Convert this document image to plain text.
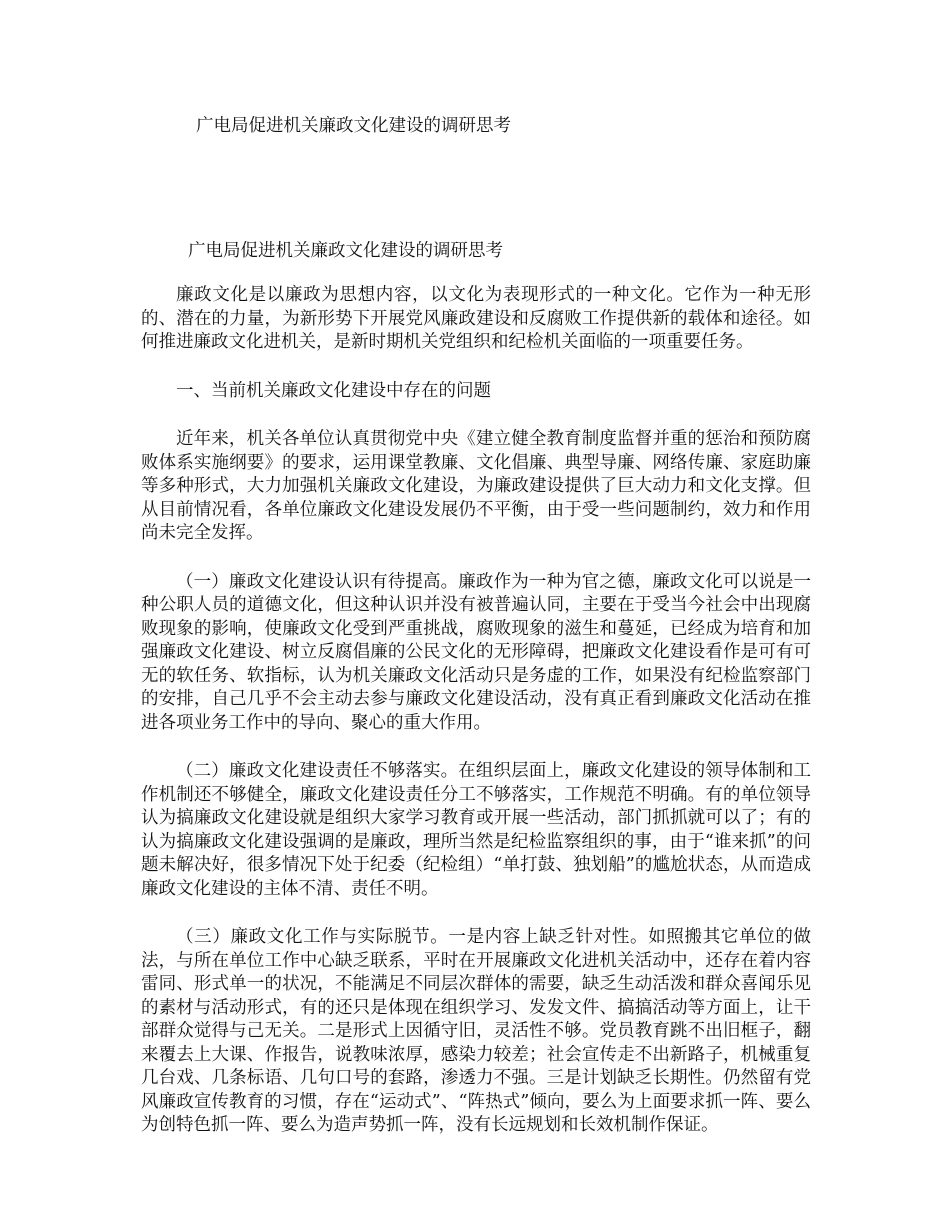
广电局促进机关廉政文化建设的调研思考
广电局促进机关廉政文化建设的调研思考

廉政文化是以廉政为思想内容，以文化为表现形式的一种文化。它作为一种无形的、潜在的力量，为新形势下开展党风廉政建设和反腐败工作提供新的载体和途径。如何推进廉政文化进机关，是新时期机关党组织和纪检机关面临的一项重要任务。

一、当前机关廉政文化建设中存在的问题

近年来，机关各单位认真贯彻党中央《建立健全教育制度监督并重的惩治和预防腐败体系实施纲要》的要求，运用课堂教廉、文化倡廉、典型导廉、网络传廉、家庭助廉等多种形式，大力加强机关廉政文化建设，为廉政建设提供了巨大动力和文化支撑。但从目前情况看，各单位廉政文化建设发展仍不平衡，由于受一些问题制约，效力和作用尚未完全发挥。

（一）廉政文化建设认识有待提高。廉政作为一种为官之德，廉政文化可以说是一种公职人员的道德文化，但这种认识并没有被普遍认同，主要在于受当今社会中出现腐败现象的影响，使廉政文化受到严重挑战，腐败现象的滋生和蔓延，已经成为培育和加强廉政文化建设、树立反腐倡廉的公民文化的无形障碍，把廉政文化建设看作是可有可无的软任务、软指标，认为机关廉政文化活动只是务虚的工作，如果没有纪检监察部门的安排，自己几乎不会主动去参与廉政文化建设活动，没有真正看到廉政文化活动在推进各项业务工作中的导向、聚心的重大作用。

（二）廉政文化建设责任不够落实。在组织层面上，廉政文化建设的领导体制和工作机制还不够健全，廉政文化建设责任分工不够落实，工作规范不明确。有的单位领导认为搞廉政文化建设就是组织大家学习教育或开展一些活动，部门抓抓就可以了；有的认为搞廉政文化建设强调的是廉政，理所当然是纪检监察组织的事，由于“谁来抓”的问题未解决好，很多情况下处于纪委（纪检组）“单打鼓、独划船”的尴尬状态，从而造成廉政文化建设的主体不清、责任不明。

（三）廉政文化工作与实际脱节。一是内容上缺乏针对性。如照搬其它单位的做法，与所在单位工作中心缺乏联系，平时在开展廉政文化进机关活动中，还存在着内容雷同、形式单一的状况，不能满足不同层次群体的需要，缺乏生动活泼和群众喜闻乐见的素材与活动形式，有的还只是体现在组织学习、发发文件、搞搞活动等方面上，让干部群众觉得与己无关。二是形式上因循守旧，灵活性不够。党员教育跳不出旧框子，翻来覆去上大课、作报告，说教味浓厚，感染力较差；社会宣传走不出新路子，机械重复几台戏、几条标语、几句口号的套路，渗透力不强。三是计划缺乏长期性。仍然留有党风廉政宣传教育的习惯，存在“运动式”、“阵热式”倾向，要么为上面要求抓一阵、要么为创特色抓一阵、要么为造声势抓一阵，没有长远规划和长效机制作保证。
